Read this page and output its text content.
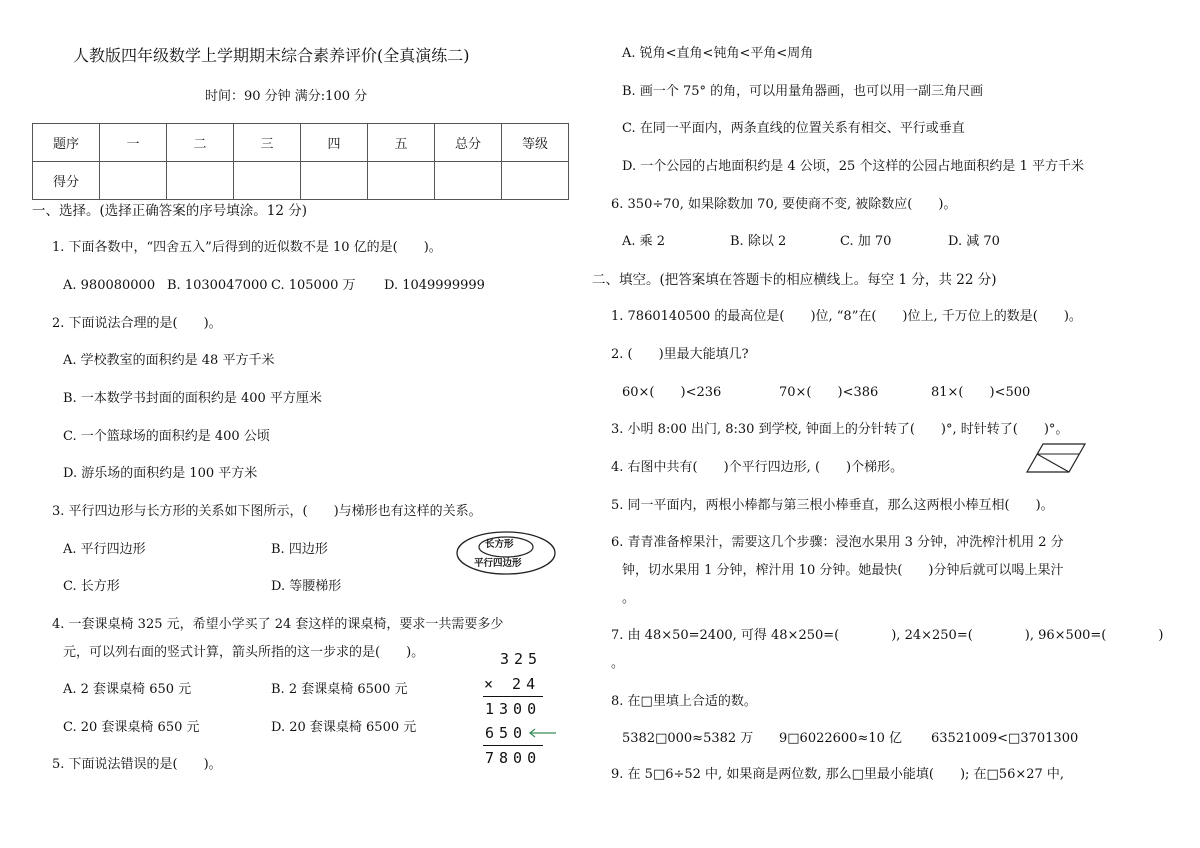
人教版四年级数学上学期期末综合素养评价(全真演练二)
时间：90 分钟 满分:100 分
题序	一	二	三	四	五	总分	等级
得分							
一、选择。(选择正确答案的序号填涂。12 分)
1. 下面各数中，“四舍五入”后得到的近似数不是 10 亿的是(　　)。
A. 980080000 B. 1030047000 C. 105000 万 D. 1049999999
2. 下面说法合理的是(　　)。
A. 学校教室的面积约是 48 平方千米
B. 一本数学书封面的面积约是 400 平方厘米
C. 一个篮球场的面积约是 400 公顷
D. 游乐场的面积约是 100 平方米
3. 平行四边形与长方形的关系如下图所示，(　　)与梯形也有这样的关系。
A. 平行四边形	B. 四边形
C. 长方形	D. 等腰梯形
长方形
平行四边形
4. 一套课桌椅 325 元，希望小学买了 24 套这样的课桌椅，要求一共需要多少
元，可以列右面的竖式计算，箭头所指的这一步求的是(　　)。
A. 2 套课桌椅 650 元	B. 2 套课桌椅 6500 元
C. 20 套课桌椅 650 元	D. 20 套课桌椅 6500 元
325
× 24
1300
650
7800
5. 下面说法错误的是(　　)。
A. 锐角<直角<钝角<平角<周角
B. 画一个 75° 的角，可以用量角器画，也可以用一副三角尺画
C. 在同一平面内，两条直线的位置关系有相交、平行或垂直
D. 一个公园的占地面积约是 4 公顷，25 个这样的公园占地面积约是 1 平方千米
6. 350÷70, 如果除数加 70, 要使商不变, 被除数应(　　)。
A. 乘 2	B. 除以 2	C. 加 70	D. 减 70
二、填空。(把答案填在答题卡的相应横线上。每空 1 分，共 22 分)
1. 7860140500 的最高位是(　　)位, “8”在(　　)位上, 千万位上的数是(　　)。
2. (　　)里最大能填几?
60×(　　)<236	70×(　　)<386	81×(　　)<500
3. 小明 8:00 出门, 8:30 到学校, 钟面上的分针转了(　　)°, 时针转了(　　)°。
4. 右图中共有(　　)个平行四边形, (　　)个梯形。
5. 同一平面内，两根小棒都与第三根小棒垂直，那么这两根小棒互相(　　)。
6. 青青准备榨果汁，需要这几个步骤：浸泡水果用 3 分钟，冲洗榨汁机用 2 分
钟，切水果用 1 分钟，榨汁用 10 分钟。她最快(　　)分钟后就可以喝上果汁
。
7. 由 48×50=2400, 可得 48×250=(　　　　), 24×250=(　　　　), 96×500=(　　　　)
。
8. 在□里填上合适的数。
5382□000≈5382 万 9□6022600≈10 亿 63521009<□3701300
9. 在 5□6÷52 中, 如果商是两位数, 那么□里最小能填(　　); 在□56×27 中,
